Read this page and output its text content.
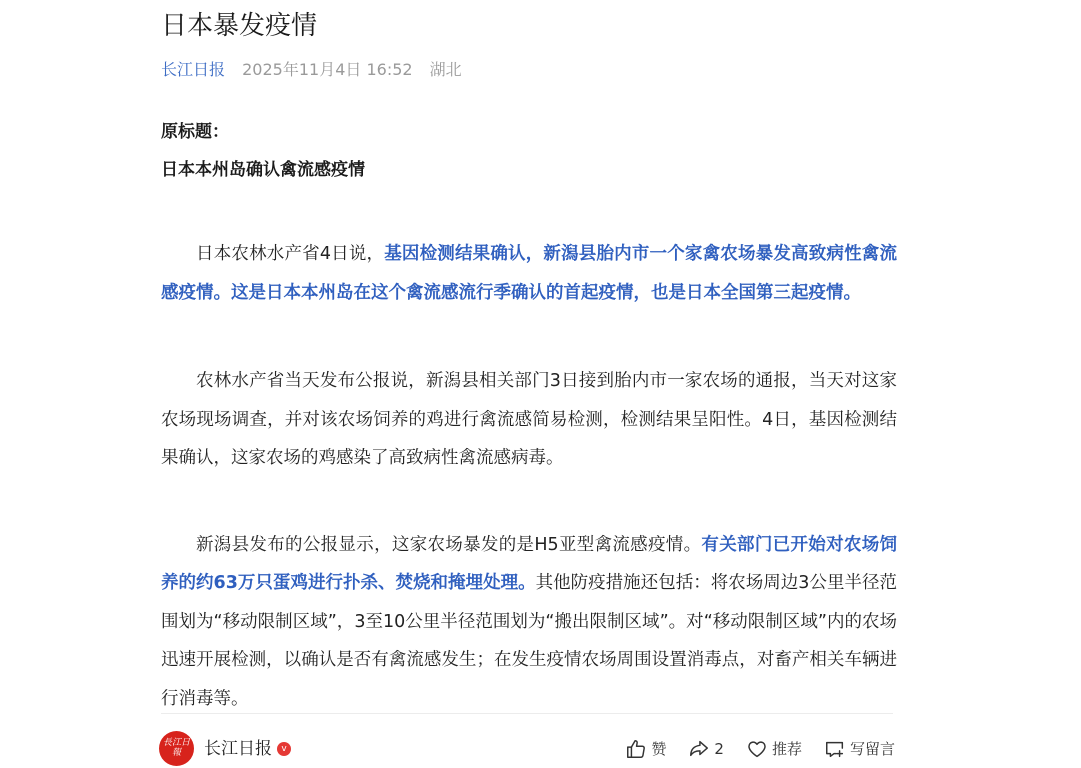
日本暴发疫情
长江日报 2025年11月4日 16:52 湖北

原标题：

日本本州岛确认禽流感疫情

日本农林水产省4日说，基因检测结果确认，新潟县胎内市一个家禽农场暴发高致病性禽流感疫情。这是日本本州岛在这个禽流感流行季确认的首起疫情，也是日本全国第三起疫情。

农林水产省当天发布公报说，新潟县相关部门3日接到胎内市一家农场的通报，当天对这家农场现场调查，并对该农场饲养的鸡进行禽流感简易检测，检测结果呈阳性。4日，基因检测结果确认，这家农场的鸡感染了高致病性禽流感病毒。

新潟县发布的公报显示，这家农场暴发的是H5亚型禽流感疫情。有关部门已开始对农场饲养的约63万只蛋鸡进行扑杀、焚烧和掩埋处理。其他防疫措施还包括：将农场周边3公里半径范围划为“移动限制区域”，3至10公里半径范围划为“搬出限制区域”。对“移动限制区域”内的农场迅速开展检测，以确认是否有禽流感发生；在发生疫情农场周围设置消毒点，对畜产相关车辆进行消毒等。

長江日報	长江日报	v	赞	2	推荐	写留言
